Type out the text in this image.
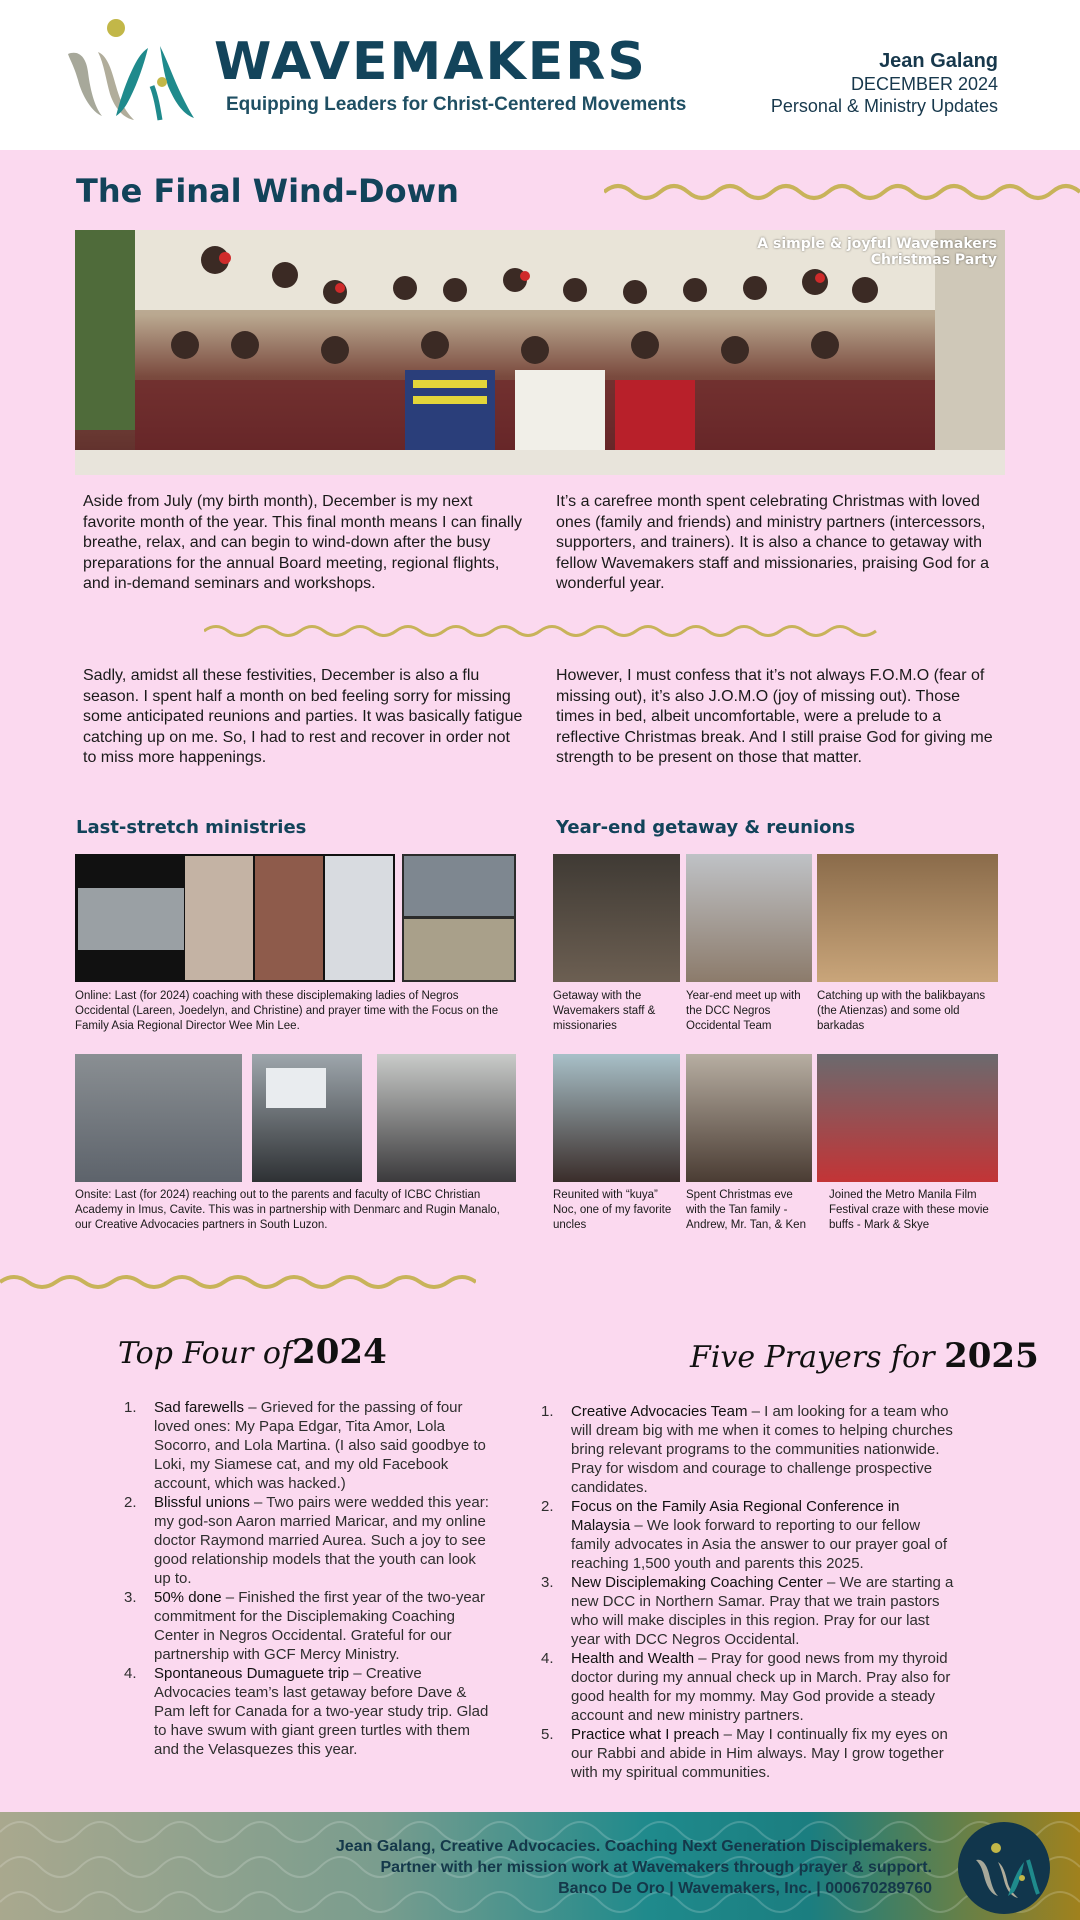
WAVEMAKERS
Equipping Leaders for Christ-Centered Movements
Jean Galang
DECEMBER 2024
Personal & Ministry Updates
The Final Wind-Down
A simple & joyful Wavemakers
Christmas Party
Aside from July (my birth month), December is my next favorite month of the year. This final month means I can finally breathe, relax, and can begin to wind-down after the busy preparations for the annual Board meeting, regional flights, and in-demand seminars and workshops.
It’s a carefree month spent celebrating Christmas with loved ones (family and friends) and ministry partners (intercessors, supporters, and trainers). It is also a chance to getaway with fellow Wavemakers staff and missionaries, praising God for a wonderful year.
Sadly, amidst all these festivities, December is also a flu season. I spent half a month on bed feeling sorry for missing some anticipated reunions and parties. It was basically fatigue catching up on me. So, I had to rest and recover in order not to miss more happenings.
However, I must confess that it’s not always F.O.M.O (fear of missing out), it’s also J.O.M.O (joy of missing out). Those times in bed, albeit uncomfortable, were a prelude to a reflective Christmas break. And I still praise God for giving me strength to be present on those that matter.
Last-stretch ministries
Online: Last (for 2024) coaching with these disciplemaking ladies of Negros Occidental (Lareen, Joedelyn, and Christine) and prayer time with the Focus on the Family Asia Regional Director Wee Min Lee.
Onsite: Last (for 2024) reaching out to the parents and faculty of ICBC Christian Academy in Imus, Cavite. This was in partnership with Denmarc and Rugin Manalo, our Creative Advocacies partners in South Luzon.
Year-end getaway & reunions
Getaway with the Wavemakers staff & missionaries
Year-end meet up with the DCC Negros Occidental Team
Catching up with the balikbayans (the Atienzas) and some old barkadas
Reunited with “kuya” Noc, one of my favorite uncles
Spent Christmas eve with the Tan family - Andrew, Mr. Tan, & Ken
Joined the Metro Manila Film Festival craze with these movie buffs - Mark & Skye
Top Four of2024
1. Sad farewells – Grieved for the passing of four loved ones: My Papa Edgar, Tita Amor, Lola Socorro, and Lola Martina. (I also said goodbye to Loki, my Siamese cat, and my old Facebook account, which was hacked.)
2. Blissful unions – Two pairs were wedded this year: my god-son Aaron married Maricar, and my online doctor Raymond married Aurea. Such a joy to see good relationship models that the youth can look up to.
3. 50% done – Finished the first year of the two-year commitment for the Disciplemaking Coaching Center in Negros Occidental. Grateful for our partnership with GCF Mercy Ministry.
4. Spontaneous Dumaguete trip – Creative Advocacies team’s last getaway before Dave & Pam left for Canada for a two-year study trip. Glad to have swum with giant green turtles with them and the Velasquezes this year.
Five Prayers for 2025
1. Creative Advocacies Team – I am looking for a team who will dream big with me when it comes to helping churches bring relevant programs to the communities nationwide. Pray for wisdom and courage to challenge prospective candidates.
2. Focus on the Family Asia Regional Conference in Malaysia – We look forward to reporting to our fellow family advocates in Asia the answer to our prayer goal of reaching 1,500 youth and parents this 2025.
3. New Disciplemaking Coaching Center – We are starting a new DCC in Northern Samar. Pray that we train pastors who will make disciples in this region. Pray for our last year with DCC Negros Occidental.
4. Health and Wealth – Pray for good news from my thyroid doctor during my annual check up in March. Pray also for good health for my mommy. May God provide a steady account and new ministry partners.
5. Practice what I preach – May I continually fix my eyes on our Rabbi and abide in Him always. May I grow together with my spiritual communities.
Jean Galang, Creative Advocacies. Coaching Next Generation Disciplemakers.
Partner with her mission work at Wavemakers through prayer & support.
Banco De Oro | Wavemakers, Inc. | 000670289760
